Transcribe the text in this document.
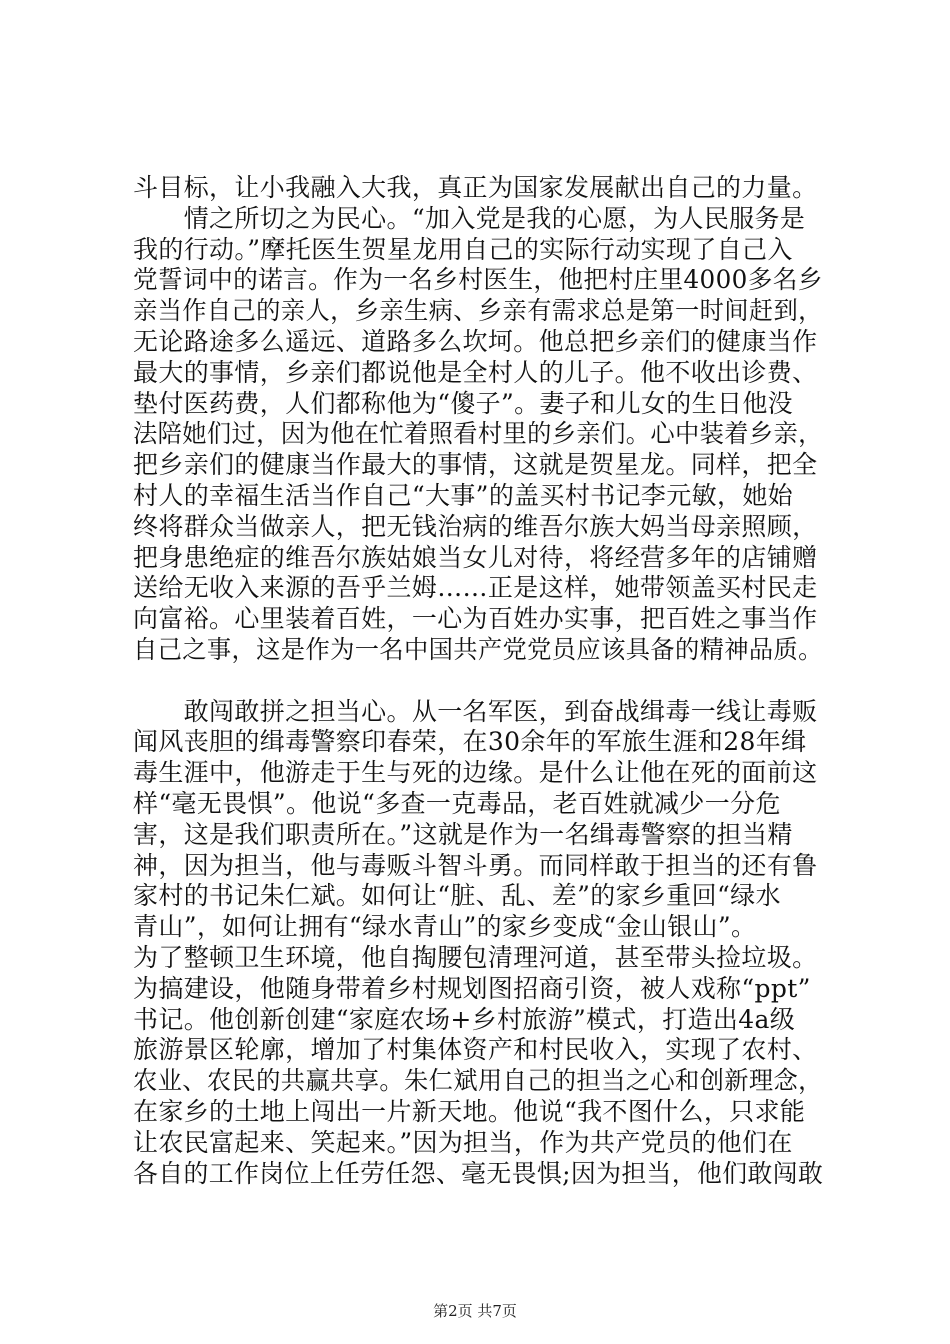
斗目标，让小我融入大我，真正为国家发展献出自己的力量。
　　情之所切之为民心。“加入党是我的心愿，为人民服务是
我的行动。”摩托医生贺星龙用自己的实际行动实现了自己入
党誓词中的诺言。作为一名乡村医生，他把村庄里4000多名乡
亲当作自己的亲人，乡亲生病、乡亲有需求总是第一时间赶到，
无论路途多么遥远、道路多么坎坷。他总把乡亲们的健康当作
最大的事情，乡亲们都说他是全村人的儿子。他不收出诊费、
垫付医药费，人们都称他为“傻子”。妻子和儿女的生日他没
法陪她们过，因为他在忙着照看村里的乡亲们。心中装着乡亲，
把乡亲们的健康当作最大的事情，这就是贺星龙。同样，把全
村人的幸福生活当作自己“大事”的盖买村书记李元敏，她始
终将群众当做亲人，把无钱治病的维吾尔族大妈当母亲照顾，
把身患绝症的维吾尔族姑娘当女儿对待，将经营多年的店铺赠
送给无收入来源的吾乎兰姆……正是这样，她带领盖买村民走
向富裕。心里装着百姓，一心为百姓办实事，把百姓之事当作
自己之事，这是作为一名中国共产党党员应该具备的精神品质。
　　敢闯敢拼之担当心。从一名军医，到奋战缉毒一线让毒贩
闻风丧胆的缉毒警察印春荣，在30余年的军旅生涯和28年缉
毒生涯中，他游走于生与死的边缘。是什么让他在死的面前这
样“毫无畏惧”。他说“多查一克毒品，老百姓就减少一分危
害，这是我们职责所在。”这就是作为一名缉毒警察的担当精
神，因为担当，他与毒贩斗智斗勇。而同样敢于担当的还有鲁
家村的书记朱仁斌。如何让“脏、乱、差”的家乡重回“绿水
青山”，如何让拥有“绿水青山”的家乡变成“金山银山”。
为了整顿卫生环境，他自掏腰包清理河道，甚至带头捡垃圾。
为搞建设，他随身带着乡村规划图招商引资，被人戏称“ppt”
书记。他创新创建“家庭农场+乡村旅游”模式，打造出4a级
旅游景区轮廓，增加了村集体资产和村民收入，实现了农村、
农业、农民的共赢共享。朱仁斌用自己的担当之心和创新理念，
在家乡的土地上闯出一片新天地。他说“我不图什么，只求能
让农民富起来、笑起来。”因为担当，作为共产党员的他们在
各自的工作岗位上任劳任怨、毫无畏惧;因为担当，他们敢闯敢
第2页 共7页
